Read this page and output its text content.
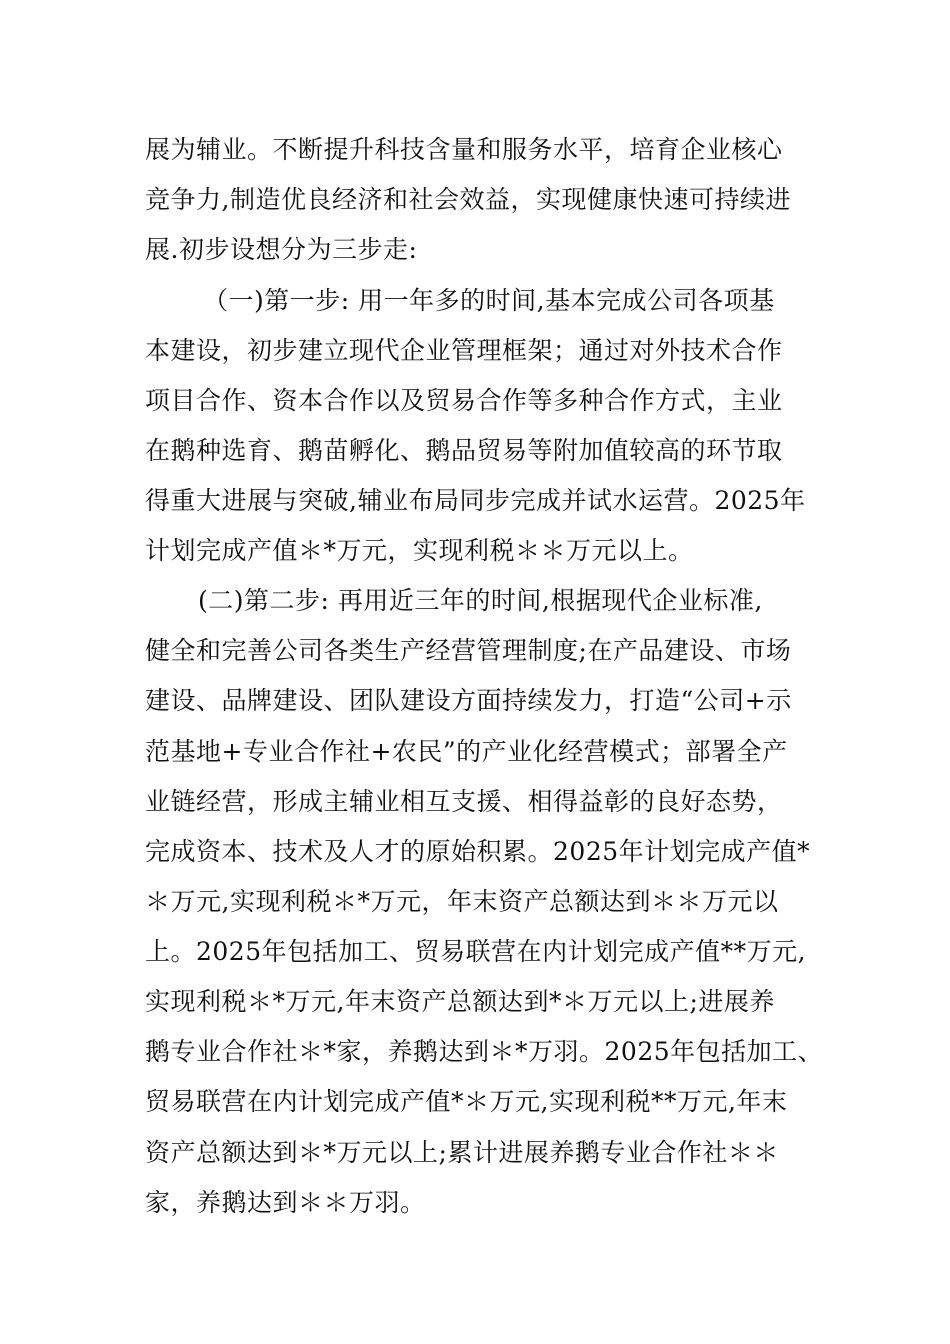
展为辅业。不断提升科技含量和服务水平，培育企业核心
竞争力,制造优良经济和社会效益，实现健康快速可持续进
展.初步设想分为三步走:
（一)第一步: 用一年多的时间,基本完成公司各项基
本建设，初步建立现代企业管理框架；通过对外技术合作
项目合作、资本合作以及贸易合作等多种合作方式，主业
在鹅种选育、鹅苗孵化、鹅品贸易等附加值较高的环节取
得重大进展与突破,辅业布局同步完成并试水运营。2025年
计划完成产值＊*万元，实现利税＊＊万元以上。
(二)第二步: 再用近三年的时间,根据现代企业标准,
健全和完善公司各类生产经营管理制度;在产品建设、市场
建设、品牌建设、团队建设方面持续发力，打造“公司+示
范基地+专业合作社+农民”的产业化经营模式；部署全产
业链经营，形成主辅业相互支援、相得益彰的良好态势，
完成资本、技术及人才的原始积累。2025年计划完成产值*
＊万元,实现利税＊*万元，年末资产总额达到＊＊万元以
上。2025年包括加工、贸易联营在内计划完成产值**万元,
实现利税＊*万元,年末资产总额达到*＊万元以上;进展养
鹅专业合作社＊*家，养鹅达到＊*万羽。2025年包括加工、
贸易联营在内计划完成产值*＊万元,实现利税**万元,年末
资产总额达到＊*万元以上;累计进展养鹅专业合作社＊＊
家，养鹅达到＊＊万羽。
